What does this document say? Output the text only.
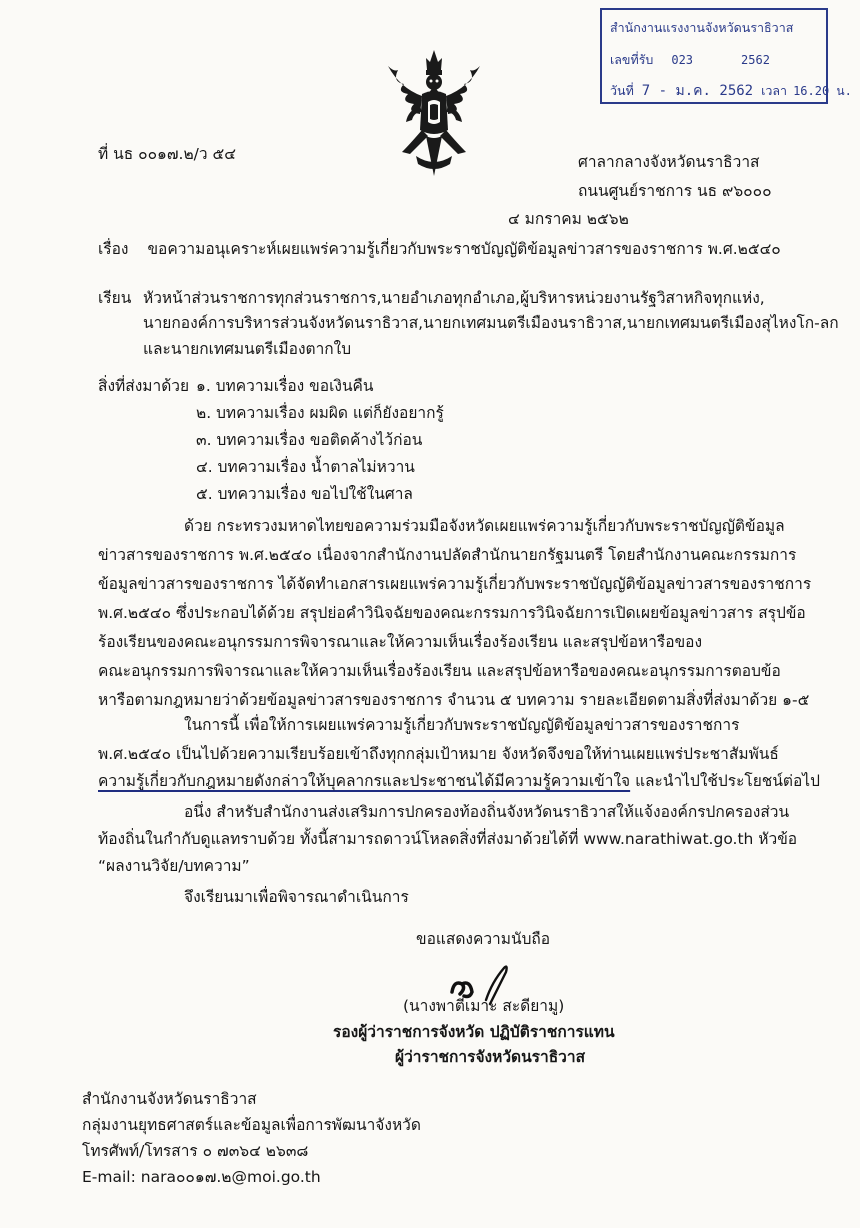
สำนักงานแรงงานจังหวัดนราธิวาส
เลขที่รับ 023	2562
วันที่ 7 - ม.ค. 2562 เวลา 16.20 น.
ที่ นธ ๐๐๑๗.๒/ว ๕๔	ศาลากลางจังหวัดนราธิวาส
ถนนศูนย์ราชการ นธ ๙๖๐๐๐
๔ มกราคม ๒๕๖๒
เรื่อง ขอความอนุเคราะห์เผยแพร่ความรู้เกี่ยวกับพระราชบัญญัติข้อมูลข่าวสารของราชการ พ.ศ.๒๕๔๐
เรียน หัวหน้าส่วนราชการทุกส่วนราชการ,นายอำเภอทุกอำเภอ,ผู้บริหารหน่วยงานรัฐวิสาหกิจทุกแห่ง,
นายกองค์การบริหารส่วนจังหวัดนราธิวาส,นายกเทศมนตรีเมืองนราธิวาส,นายกเทศมนตรีเมืองสุไหงโก-ลก
และนายกเทศมนตรีเมืองตากใบ
สิ่งที่ส่งมาด้วย ๑. บทความเรื่อง ขอเงินคืน
๒. บทความเรื่อง ผมผิด แต่ก็ยังอยากรู้
๓. บทความเรื่อง ขอติดค้างไว้ก่อน
๔. บทความเรื่อง น้ำตาลไม่หวาน
๕. บทความเรื่อง ขอไปใช้ในศาล
ด้วย กระทรวงมหาดไทยขอความร่วมมือจังหวัดเผยแพร่ความรู้เกี่ยวกับพระราชบัญญัติข้อมูล
ข่าวสารของราชการ พ.ศ.๒๕๔๐ เนื่องจากสำนักงานปลัดสำนักนายกรัฐมนตรี โดยสำนักงานคณะกรรมการ
ข้อมูลข่าวสารของราชการ ได้จัดทำเอกสารเผยแพร่ความรู้เกี่ยวกับพระราชบัญญัติข้อมูลข่าวสารของราชการ
พ.ศ.๒๕๔๐ ซึ่งประกอบได้ด้วย สรุปย่อคำวินิจฉัยของคณะกรรมการวินิจฉัยการเปิดเผยข้อมูลข่าวสาร สรุปข้อ
ร้องเรียนของคณะอนุกรรมการพิจารณาและให้ความเห็นเรื่องร้องเรียน และสรุปข้อหารือของ
คณะอนุกรรมการพิจารณาและให้ความเห็นเรื่องร้องเรียน และสรุปข้อหารือของคณะอนุกรรมการตอบข้อ
หารือตามกฎหมายว่าด้วยข้อมูลข่าวสารของราชการ จำนวน ๕ บทความ รายละเอียดตามสิ่งที่ส่งมาด้วย ๑-๕
ในการนี้ เพื่อให้การเผยแพร่ความรู้เกี่ยวกับพระราชบัญญัติข้อมูลข่าวสารของราชการ
พ.ศ.๒๕๔๐ เป็นไปด้วยความเรียบร้อยเข้าถึงทุกกลุ่มเป้าหมาย จังหวัดจึงขอให้ท่านเผยแพร่ประชาสัมพันธ์
ความรู้เกี่ยวกับกฎหมายดังกล่าวให้บุคลากรและประชาชนได้มีความรู้ความเข้าใจ และนำไปใช้ประโยชน์ต่อไป
อนึ่ง สำหรับสำนักงานส่งเสริมการปกครองท้องถิ่นจังหวัดนราธิวาสให้แจ้งองค์กรปกครองส่วน
ท้องถิ่นในกำกับดูแลทราบด้วย ทั้งนี้สามารถดาวน์โหลดสิ่งที่ส่งมาด้วยได้ที่ www.narathiwat.go.th หัวข้อ
“ผลงานวิจัย/บทความ”
จึงเรียนมาเพื่อพิจารณาดำเนินการ
ขอแสดงความนับถือ
(นางพาตีเมาะ สะดียามู)
รองผู้ว่าราชการจังหวัด ปฏิบัติราชการแทน
ผู้ว่าราชการจังหวัดนราธิวาส
สำนักงานจังหวัดนราธิวาส
กลุ่มงานยุทธศาสตร์และข้อมูลเพื่อการพัฒนาจังหวัด
โทรศัพท์/โทรสาร ๐ ๗๓๖๔ ๒๖๓๘
E-mail: nara๐๐๑๗.๒@moi.go.th
